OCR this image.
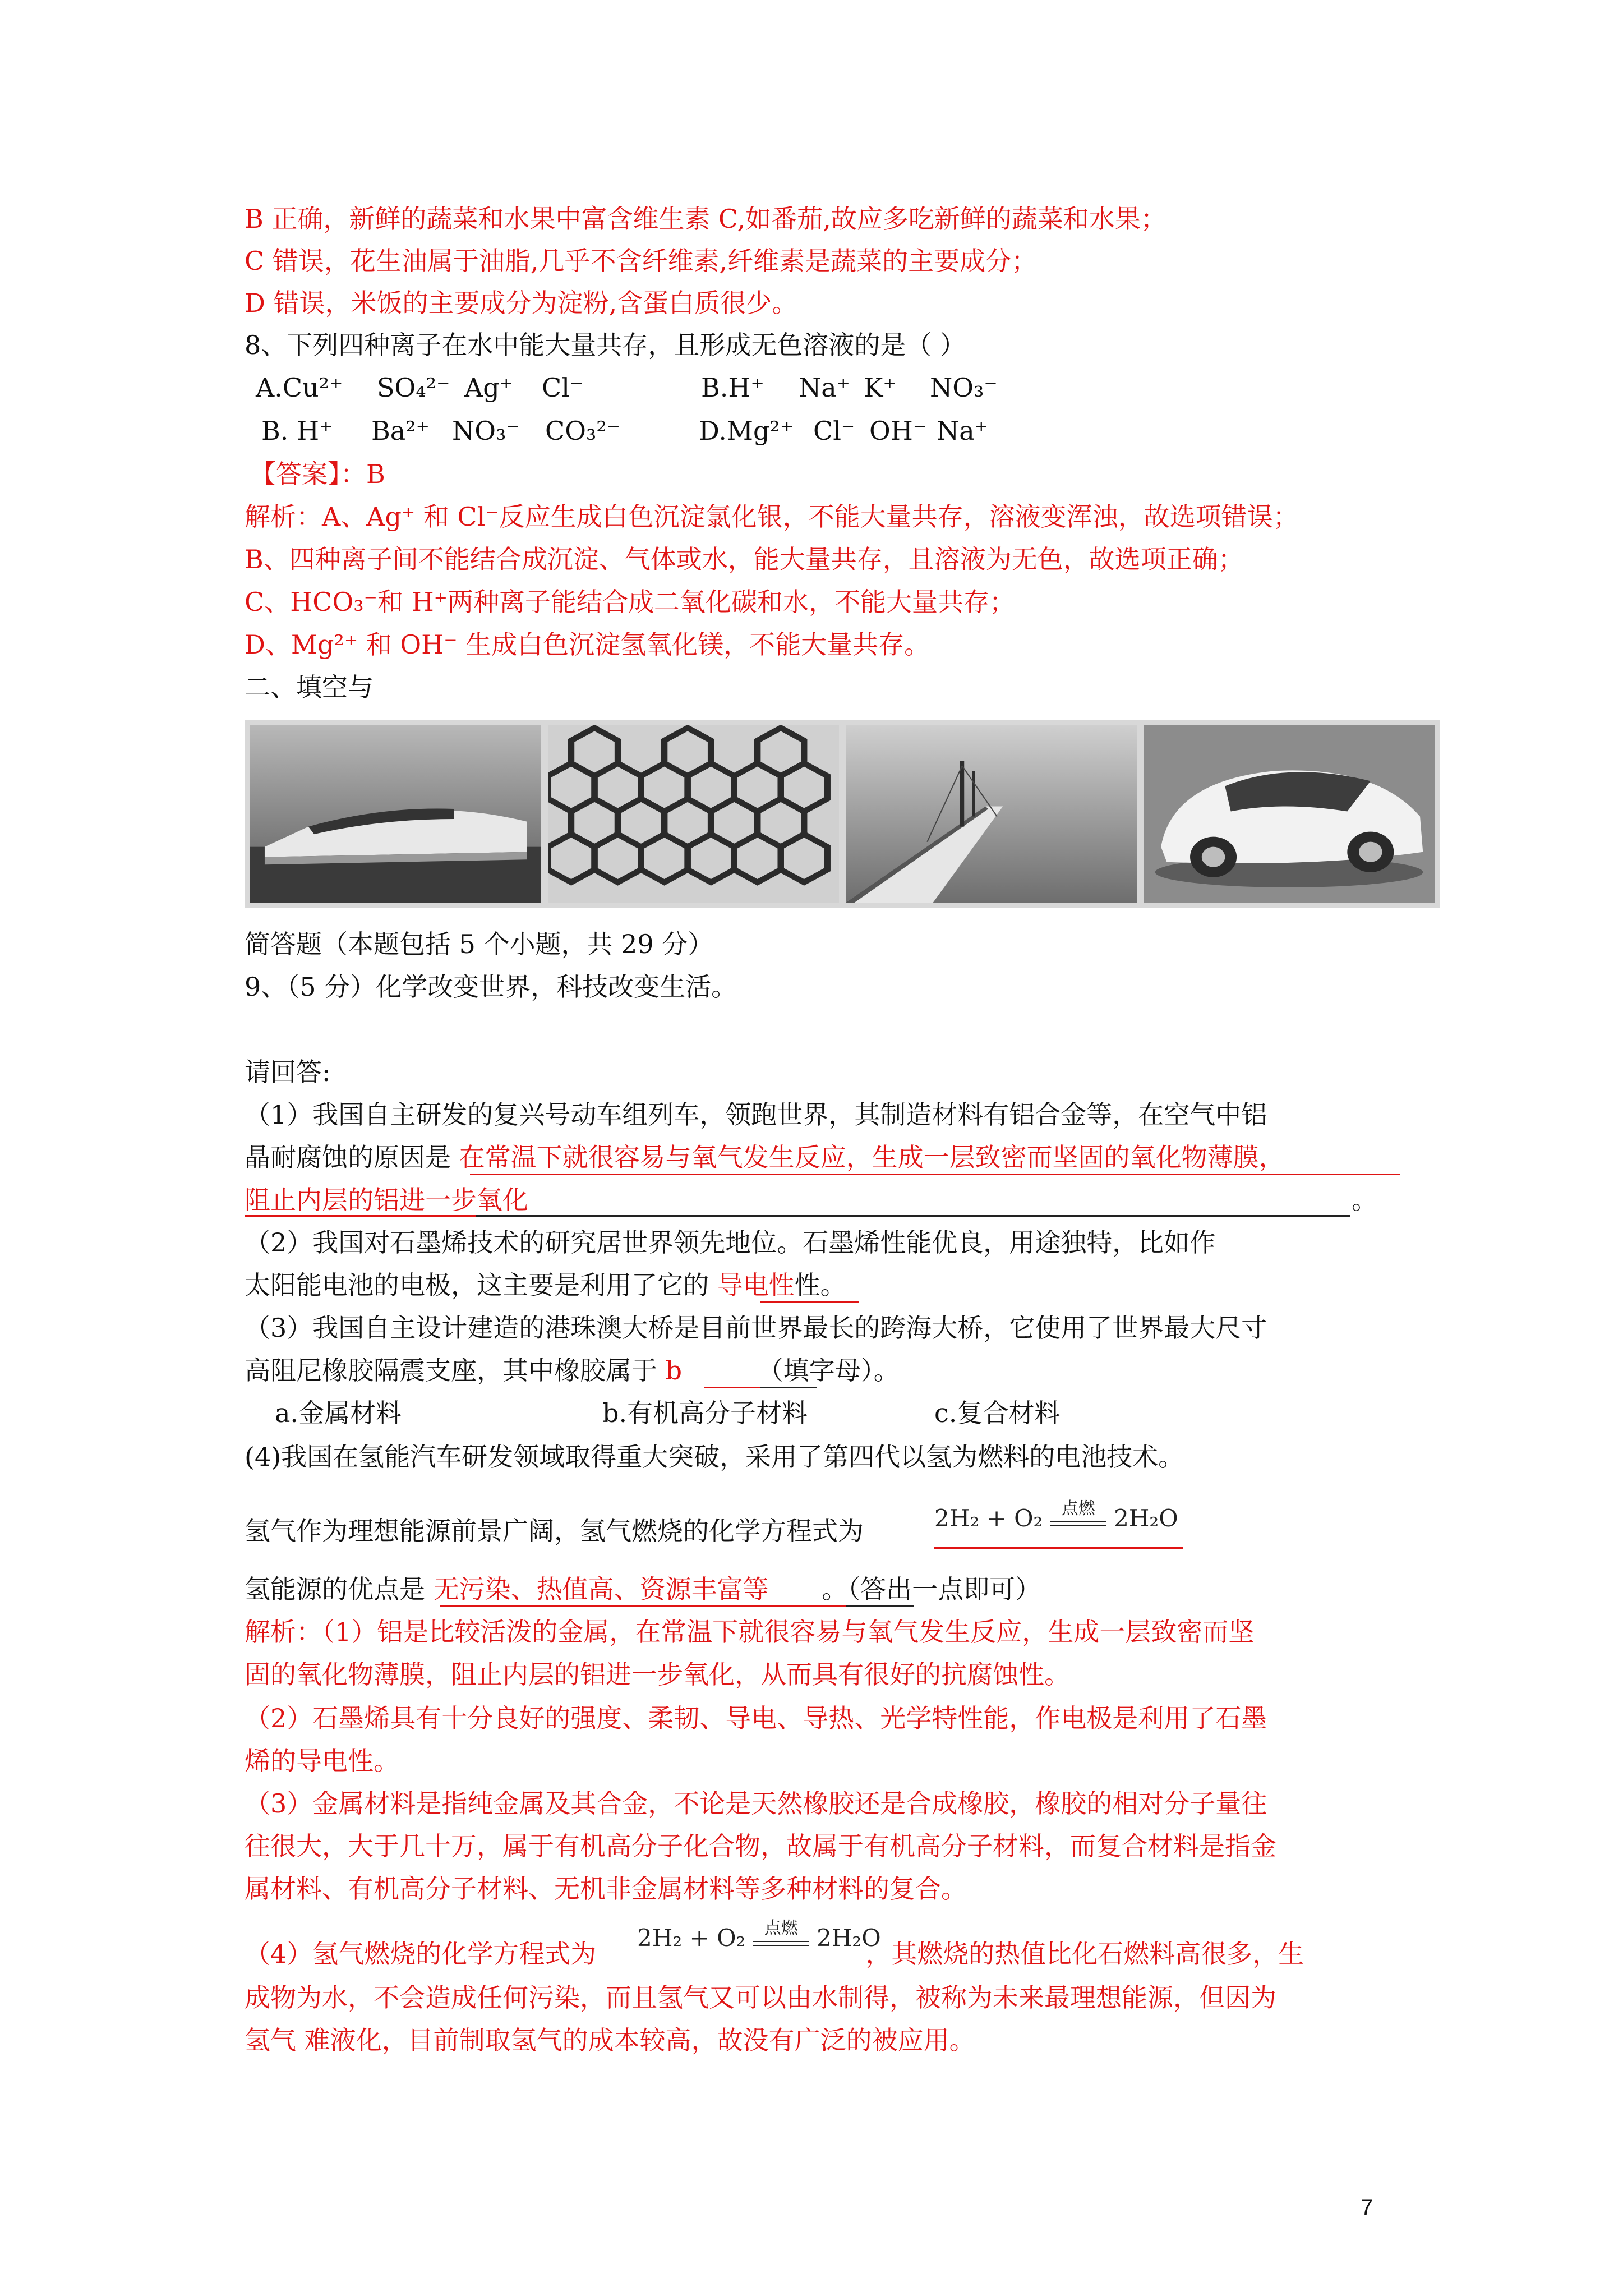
B 正确，新鲜的蔬菜和水果中富含维生素 C,如番茄,故应多吃新鲜的蔬菜和水果；
C 错误，花生油属于油脂,几乎不含纤维素,纤维素是蔬菜的主要成分；
D 错误，米饭的主要成分为淀粉,含蛋白质很少。
8、下列四种离子在水中能大量共存，且形成无色溶液的是（ ）
A.Cu²⁺ SO₄²⁻ Ag⁺ Cl⁻	B.H⁺ Na⁺ K⁺ NO₃⁻
B. H⁺ Ba²⁺ NO₃⁻ CO₃²⁻	D.Mg²⁺ Cl⁻ OH⁻ Na⁺
【答案】：B
解析：A、Ag⁺ 和 Cl⁻反应生成白色沉淀氯化银，不能大量共存，溶液变浑浊，故选项错误；
B、四种离子间不能结合成沉淀、气体或水，能大量共存，且溶液为无色，故选项正确；
C、HCO₃⁻和 H⁺两种离子能结合成二氧化碳和水，不能大量共存；
D、Mg²⁺ 和 OH⁻ 生成白色沉淀氢氧化镁，不能大量共存。
二、填空与
简答题（本题包括 5 个小题，共 29 分）
9、（5 分）化学改变世界，科技改变生活。
请回答:
（1）我国自主研发的复兴号动车组列车，领跑世界，其制造材料有铝合金等，在空气中铝
晶耐腐蚀的原因是 在常温下就很容易与氧气发生反应，生成一层致密而坚固的氧化物薄膜，
阻止内层的铝进一步氧化	。
（2）我国对石墨烯技术的研究居世界领先地位。石墨烯性能优良，用途独特，比如作
太阳能电池的电极，这主要是利用了它的 导电性性。
（3）我国自主设计建造的港珠澳大桥是目前世界最长的跨海大桥，它使用了世界最大尺寸
高阻尼橡胶隔震支座，其中橡胶属于 b	（填字母）。
a.金属材料	b.有机高分子材料	c.复合材料
(4)我国在氢能汽车研发领域取得重大突破，采用了第四代以氢为燃料的电池技术。
氢气作为理想能源前景广阔，氢气燃烧的化学方程式为	2H₂ + O₂	点燃 2H₂O
氢能源的优点是 无污染、热值高、资源丰富等 。（答出一点即可）
解析：（1）铝是比较活泼的金属，在常温下就很容易与氧气发生反应，生成一层致密而坚
固的氧化物薄膜，阻止内层的铝进一步氧化，从而具有很好的抗腐蚀性。
（2）石墨烯具有十分良好的强度、柔韧、导电、导热、光学特性能，作电极是利用了石墨
烯的导电性。
（3）金属材料是指纯金属及其合金，不论是天然橡胶还是合成橡胶，橡胶的相对分子量往
往很大，大于几十万，属于有机高分子化合物，故属于有机高分子材料，而复合材料是指金
属材料、有机高分子材料、无机非金属材料等多种材料的复合。
（4）氢气燃烧的化学方程式为	，其燃烧的热值比化石燃料高很多，生
2H₂ + O₂	点燃 2H₂O
成物为水，不会造成任何污染，而且氢气又可以由水制得，被称为未来最理想能源，但因为
氢气 难液化，目前制取氢气的成本较高，故没有广泛的被应用。
7
